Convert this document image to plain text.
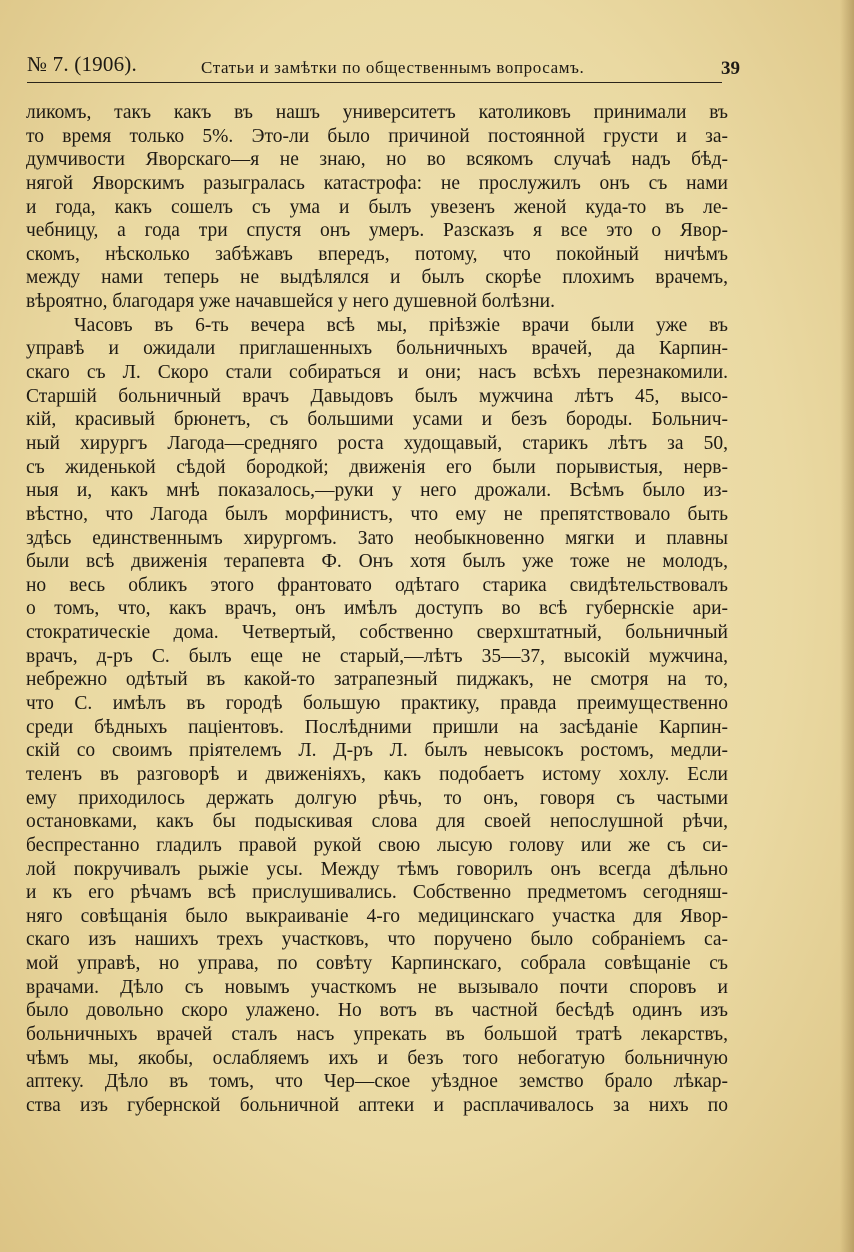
№ 7. (1906).	Статьи и замѣтки по общественнымъ вопросамъ.	39
ликомъ, такъ какъ въ нашъ университетъ католиковъ принимали въ
то время только 5%. Это-ли было причиной постоянной грусти и за-
думчивости Яворскаго—я не знаю, но во всякомъ случаѣ надъ бѣд-
нягой Яворскимъ разыгралась катастрофа: не прослужилъ онъ съ нами
и года, какъ сошелъ съ ума и былъ увезенъ женой куда-то въ ле-
чебницу, а года три спустя онъ умеръ. Разсказъ я все это о Явор-
скомъ, нѣсколько забѣжавъ впередъ, потому, что покойный ничѣмъ
между нами теперь не выдѣлялся и былъ скорѣе плохимъ врачемъ,
вѣроятно, благодаря уже начавшейся у него душевной болѣзни.
Часовъ въ 6-ть вечера всѣ мы, пріѣзжіе врачи были уже въ
управѣ и ожидали приглашенныхъ больничныхъ врачей, да Карпин-
скаго съ Л. Скоро стали собираться и они; насъ всѣхъ перезнакомили.
Старшій больничный врачъ Давыдовъ былъ мужчина лѣтъ 45, высо-
кій, красивый брюнетъ, съ большими усами и безъ бороды. Больнич-
ный хирургъ Лагода—средняго роста худощавый, старикъ лѣтъ за 50,
съ жиденькой сѣдой бородкой; движенія его были порывистыя, нерв-
ныя и, какъ мнѣ показалось,—руки у него дрожали. Всѣмъ было из-
вѣстно, что Лагода былъ морфинистъ, что ему не препятствовало быть
здѣсь единственнымъ хирургомъ. Зато необыкновенно мягки и плавны
были всѣ движенія терапевта Ф. Онъ хотя былъ уже тоже не молодъ,
но весь обликъ этого франтовато одѣтаго старика свидѣтельствовалъ
о томъ, что, какъ врачъ, онъ имѣлъ доступъ во всѣ губернскіе ари-
стократическіе дома. Четвертый, собственно сверхштатный, больничный
врачъ, д-ръ С. былъ еще не старый,—лѣтъ 35—37, высокій мужчина,
небрежно одѣтый въ какой-то затрапезный пиджакъ, не смотря на то,
что С. имѣлъ въ городѣ большую практику, правда преимущественно
среди бѣдныхъ паціентовъ. Послѣдними пришли на засѣданіе Карпин-
скій со своимъ пріятелемъ Л. Д-ръ Л. былъ невысокъ ростомъ, медли-
теленъ въ разговорѣ и движеніяхъ, какъ подобаетъ истому хохлу. Если
ему приходилось держать долгую рѣчь, то онъ, говоря съ частыми
остановками, какъ бы подыскивая слова для своей непослушной рѣчи,
беспрестанно гладилъ правой рукой свою лысую голову или же съ си-
лой покручивалъ рыжіе усы. Между тѣмъ говорилъ онъ всегда дѣльно
и къ его рѣчамъ всѣ прислушивались. Собственно предметомъ сегодняш-
няго совѣщанія было выкраиваніе 4-го медицинскаго участка для Явор-
скаго изъ нашихъ трехъ участковъ, что поручено было собраніемъ са-
мой управѣ, но управа, по совѣту Карпинскаго, собрала совѣщаніе съ
врачами. Дѣло съ новымъ участкомъ не вызывало почти споровъ и
было довольно скоро улажено. Но вотъ въ частной бесѣдѣ одинъ изъ
больничныхъ врачей сталъ насъ упрекать въ большой тратѣ лекарствъ,
чѣмъ мы, якобы, ослабляемъ ихъ и безъ того небогатую больничную
аптеку. Дѣло въ томъ, что Чер—ское уѣздное земство брало лѣкар-
ства изъ губернской больничной аптеки и расплачивалось за нихъ по
